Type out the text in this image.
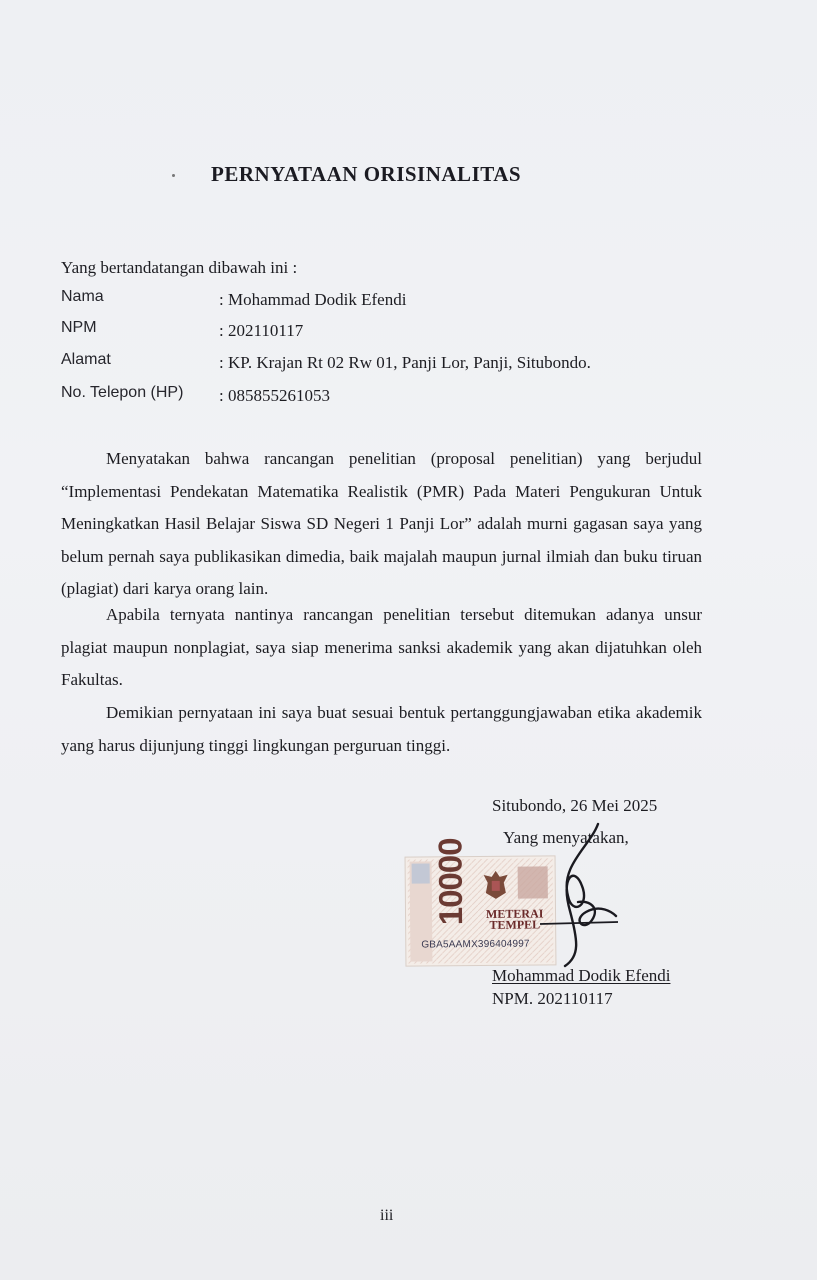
PERNYATAAN ORISINALITAS
Yang bertandatangan dibawah ini :
Nama	: Mohammad Dodik Efendi
NPM	: 202110117
Alamat	: KP. Krajan Rt 02 Rw 01, Panji Lor, Panji, Situbondo.
No. Telepon (HP) : 085855261053

Menyatakan bahwa rancangan penelitian (proposal penelitian) yang berjudul “Implementasi Pendekatan Matematika Realistik (PMR) Pada Materi Pengukuran Untuk Meningkatkan Hasil Belajar Siswa SD Negeri 1 Panji Lor” adalah murni gagasan saya yang belum pernah saya publikasikan dimedia, baik majalah maupun jurnal ilmiah dan buku tiruan (plagiat) dari karya orang lain.

Apabila ternyata nantinya rancangan penelitian tersebut ditemukan adanya unsur plagiat maupun nonplagiat, saya siap menerima sanksi akademik yang akan dijatuhkan oleh Fakultas.

Demikian pernyataan ini saya buat sesuai bentuk pertanggungjawaban etika akademik yang harus dijunjung tinggi lingkungan perguruan tinggi.

Situbondo, 26 Mei 2025
Yang menyatakan,
10000 METERAI
TEMPEL
GBA5AAMX396404997
Mohammad Dodik Efendi
NPM. 202110117
iii
